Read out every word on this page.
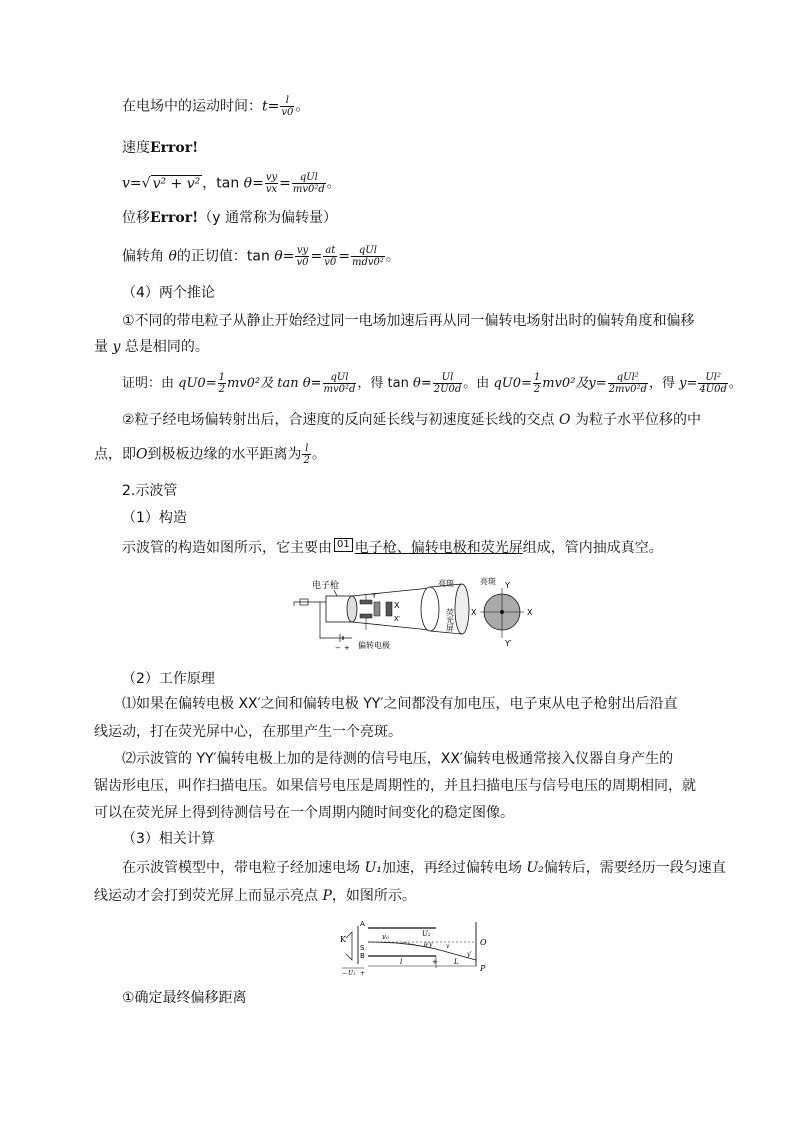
在电场中的运动时间：$t= \frac{l}{v0}$ 。
速度Error!
v=√ v² + v² ，$\tan \theta= \frac{vy}{vx} = \frac{\text{qUl}}{\text{mv0²d}}$ 。
位移Error!（y 通常称为偏转量）
偏转角 θ的正切值：$\tan \theta= \frac{vy}{v0} = \frac{at}{v0} = \frac{\text{qUl}}{\text{mdv0²}}$ 。
（4）两个推论
①不同的带电粒子从静止开始经过同一电场加速后再从同一偏转电场射出时的偏转角度和偏移
量 y 总是相同的。
证明：由 $qU0= \frac{1}{2} mv0^2$及 $\tan \theta= \frac{\text{qUl}}{\text{mv0²d}}$ ，得 $\tan \theta= \frac{Ul}{2U0d}$ 。由 $qU0= \frac{1}{2} mv0^2$及$y= \frac{\text{qUl²}}{\text{2mv0²d}}$ ，得 $y= \frac{\text{Ul²}}{4U0d}$ 。
②粒子经电场偏转射出后，合速度的反向延长线与初速度延长线的交点 O 为粒子水平位移的中
点，即O到极板边缘的水平距离为 $\frac{l}{2}$ 。
2.示波管
（1）构造
示波管的构造如图所示，它主要由 01 电子枪、偏转电极和荧光屏组成，管内抽成真空。
电子枪
− +
X
X′
Y
偏转电极
亮斑
荧光屏
亮斑 Y
X	X
Y′
（2）工作原理
⑴如果在偏转电极 XX′之间和偏转电极 YY′之间都没有加电压，电子束从电子枪射出后沿直
线运动，打在荧光屏中心，在那里产生一个亮斑。
⑵示波管的 YY′偏转电极上加的是待测的信号电压，XX′偏转电极通常接入仪器自身产生的
锯齿形电压，叫作扫描电压。如果信号电压是周期性的，并且扫描电压与信号电压的周期相同，就
可以在荧光屏上得到待测信号在一个周期内随时间变化的稳定图像。
（3）相关计算
在示波管模型中，带电粒子经加速电场 U₁加速，再经过偏转电场 U₂偏转后，需要经历一段匀速直
线运动才会打到荧光屏上而显示亮点 P，如图所示。
K
A
S
B
v₀	U₂
θ y v
y′
O
P
l	L
+
− U₁ +
①确定最终偏移距离
